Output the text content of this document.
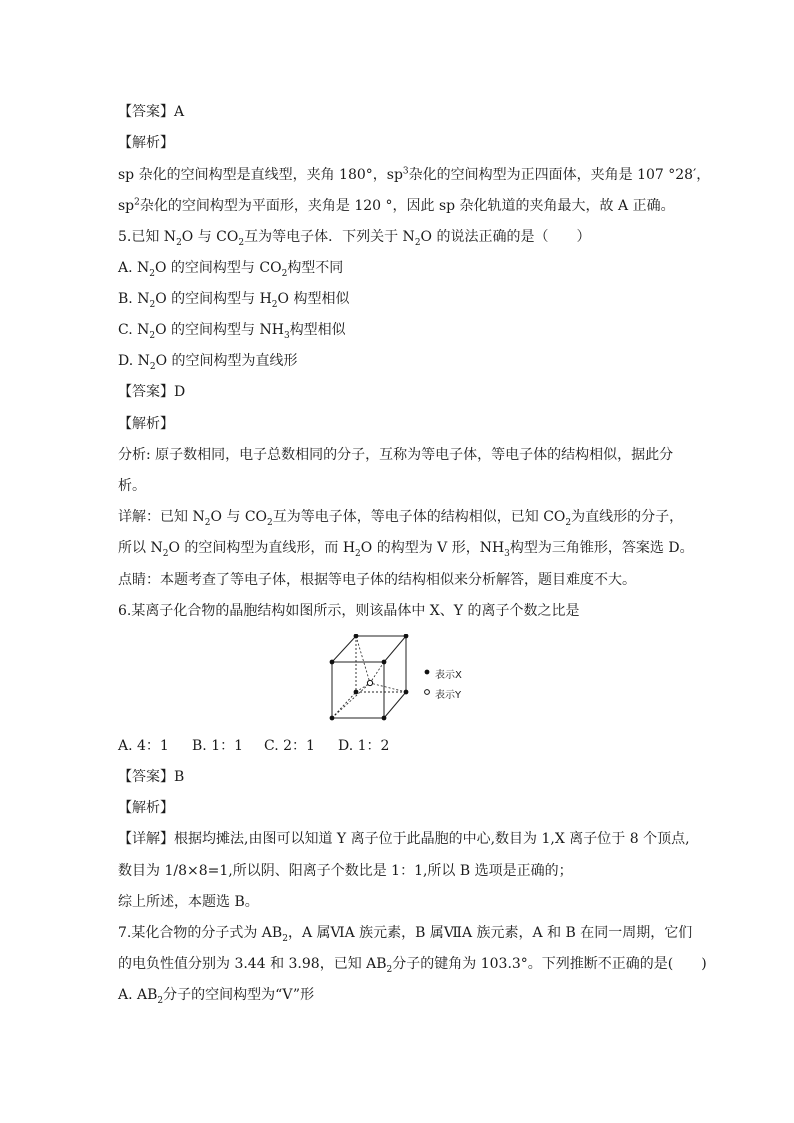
【答案】A
【解析】
sp 杂化的空间构型是直线型，夹角 180°，$sp^3$杂化的空间构型为正四面体，夹角是 107 °28′，
$sp^2$杂化的空间构型为平面形，夹角是 120 °，因此 sp 杂化轨道的夹角最大，故 A 正确。
5.已知 $N_2O$ 与 $CO_2$互为等电子体．下列关于 $N_2O$ 的说法正确的是（　　）
A. $N_2O$ 的空间构型与 $CO_2$构型不同
B. $N_2O$ 的空间构型与 $H_2O$ 构型相似
C. $N_2O$ 的空间构型与 $NH_3$构型相似
D. $N_2O$ 的空间构型为直线形
【答案】D
【解析】
分析: 原子数相同，电子总数相同的分子，互称为等电子体，等电子体的结构相似，据此分
析。
详解：已知 $N_2O$ 与 $CO_2$互为等电子体，等电子体的结构相似，已知 $CO_2$为直线形的分子，
所以 $N_2O$ 的空间构型为直线形，而 $H_2O$ 的构型为 V 形，$NH_3$构型为三角锥形，答案选 D。
点睛：本题考查了等电子体，根据等电子体的结构相似来分析解答，题目难度不大。
6.某离子化合物的晶胞结构如图所示，则该晶体中 X、Y 的离子个数之比是
表示X
表示Y
A. 4：1 B. 1：1 C. 2：1 D. 1：2
【答案】B
【解析】
【详解】根据均摊法,由图可以知道 Y 离子位于此晶胞的中心,数目为 1,X 离子位于 8 个顶点,
数目为 1/8×8=1,所以阴、阳离子个数比是 1：1,所以 B 选项是正确的；
综上所述，本题选 B。
7.某化合物的分子式为 $AB_2$，A 属ⅥA 族元素，B 属ⅦA 族元素，A 和 B 在同一周期，它们
的电负性值分别为 3.44 和 3.98，已知 $AB_2$分子的键角为 103.3°。下列推断不正确的是(　　)
A. $AB_2$分子的空间构型为“V”形
